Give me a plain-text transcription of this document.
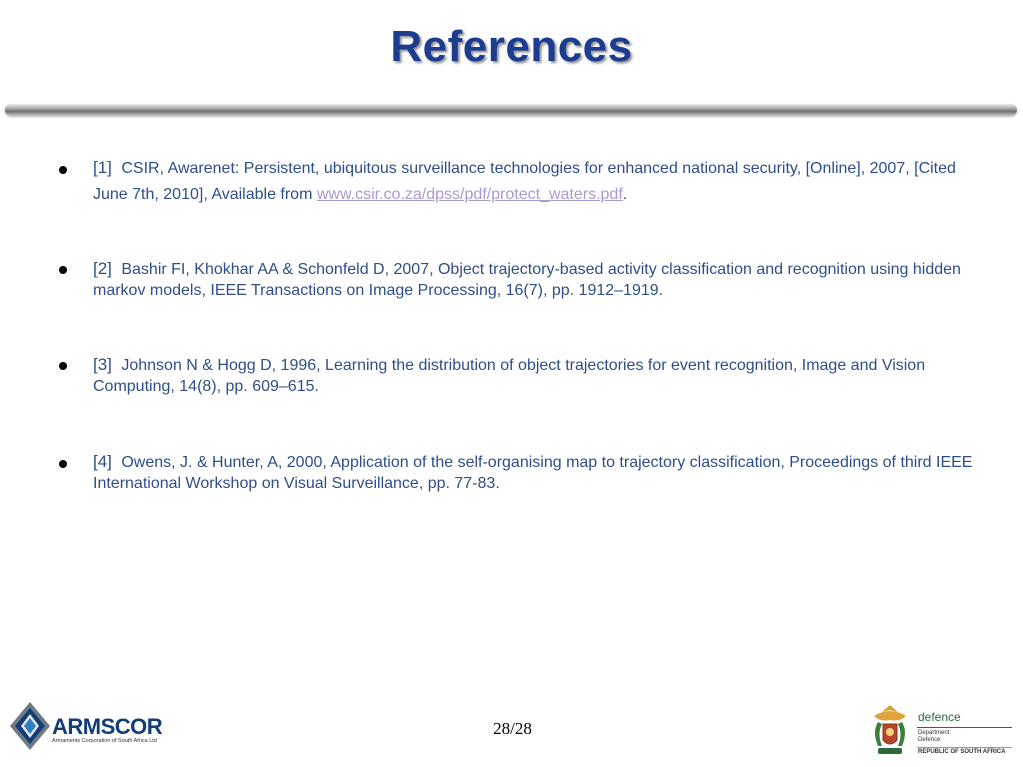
References
[1] CSIR, Awarenet: Persistent, ubiquitous surveillance technologies for enhanced national security, [Online], 2007, [Cited June 7th, 2010], Available from www.csir.co.za/dpss/pdf/protect_waters.pdf.
[2] Bashir FI, Khokhar AA & Schonfeld D, 2007, Object trajectory-based activity classification and recognition using hidden markov models, IEEE Transactions on Image Processing, 16(7), pp. 1912–1919.
[3] Johnson N & Hogg D, 1996, Learning the distribution of object trajectories for event recognition, Image and Vision Computing, 14(8), pp. 609–615.
[4] Owens, J. & Hunter, A, 2000, Application of the self-organising map to trajectory classification, Proceedings of third IEEE International Workshop on Visual Surveillance, pp. 77-83.
28/28
ARMSCOR
Armaments Corporation of South Africa Ltd
defence
Department:
Defence
REPUBLIC OF SOUTH AFRICA
